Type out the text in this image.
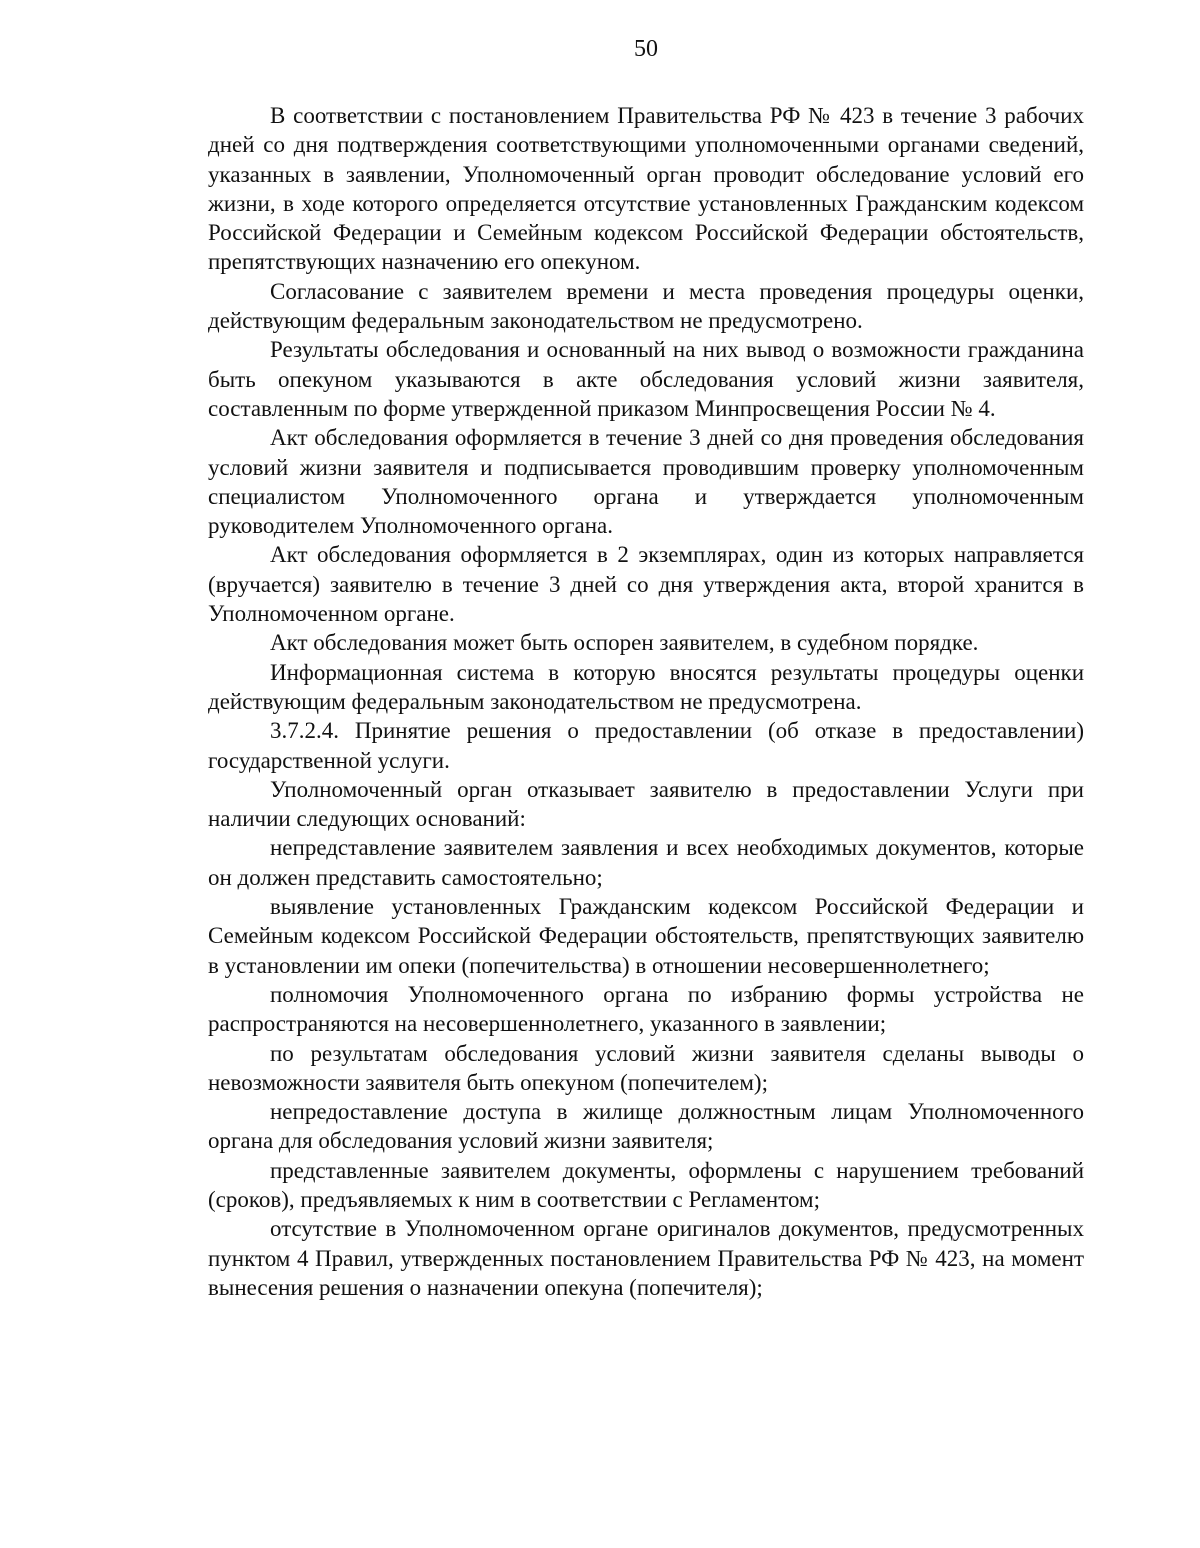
50

В соответствии с постановлением Правительства РФ № 423 в течение 3 рабочих дней со дня подтверждения соответствующими уполномоченными органами сведений, указанных в заявлении, Уполномоченный орган проводит обследование условий его жизни, в ходе которого определяется отсутствие установленных Гражданским кодексом Российской Федерации и Семейным кодексом Российской Федерации обстоятельств, препятствующих назначению его опекуном.

Согласование с заявителем времени и места проведения процедуры оценки, действующим федеральным законодательством не предусмотрено.

Результаты обследования и основанный на них вывод о возможности гражданина быть опекуном указываются в акте обследования условий жизни заявителя, составленным по форме утвержденной приказом Минпросвещения России № 4.

Акт обследования оформляется в течение 3 дней со дня проведения обследования условий жизни заявителя и подписывается проводившим проверку уполномоченным специалистом Уполномоченного органа и утверждается уполномоченным руководителем Уполномоченного органа.

Акт обследования оформляется в 2 экземплярах, один из которых направляется (вручается) заявителю в течение 3 дней со дня утверждения акта, второй хранится в Уполномоченном органе.

Акт обследования может быть оспорен заявителем, в судебном порядке.

Информационная система в которую вносятся результаты процедуры оценки действующим федеральным законодательством не предусмотрена.

3.7.2.4. Принятие решения о предоставлении (об отказе в предоставлении) государственной услуги.

Уполномоченный орган отказывает заявителю в предоставлении Услуги при наличии следующих оснований:

непредставление заявителем заявления и всех необходимых документов, которые он должен представить самостоятельно;

выявление установленных Гражданским кодексом Российской Федерации и Семейным кодексом Российской Федерации обстоятельств, препятствующих заявителю в установлении им опеки (попечительства) в отношении несовершеннолетнего;

полномочия Уполномоченного органа по избранию формы устройства не распространяются на несовершеннолетнего, указанного в заявлении;

по результатам обследования условий жизни заявителя сделаны выводы о невозможности заявителя быть опекуном (попечителем);

непредоставление доступа в жилище должностным лицам Уполномоченного органа для обследования условий жизни заявителя;

представленные заявителем документы, оформлены с нарушением требований (сроков), предъявляемых к ним в соответствии с Регламентом;

отсутствие в Уполномоченном органе оригиналов документов, предусмотренных пунктом 4 Правил, утвержденных постановлением Правительства РФ № 423, на момент вынесения решения о назначении опекуна (попечителя);
